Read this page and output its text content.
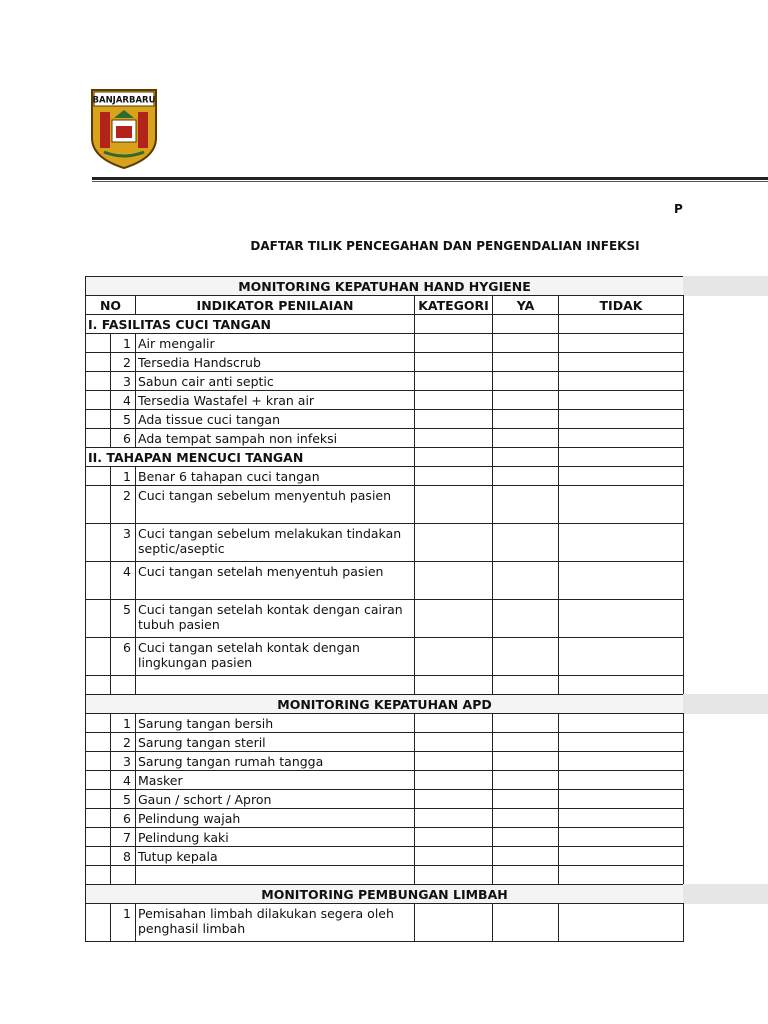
BANJARBARU
P
DAFTAR TILIK PENCEGAHAN DAN PENGENDALIAN INFEKSI
MONITORING KEPATUHAN HAND HYGIENE
NO	INDIKATOR PENILAIAN	KATEGORI	YA	TIDAK
I. FASILITAS CUCI TANGAN
1 Air mengalir
2 Tersedia Handscrub
3 Sabun cair anti septic
4 Tersedia Wastafel + kran air
5 Ada tissue cuci tangan
6 Ada tempat sampah non infeksi
II. TAHAPAN MENCUCI TANGAN
1 Benar 6 tahapan cuci tangan
2 Cuci tangan sebelum menyentuh pasien
3 Cuci tangan sebelum melakukan tindakan septic/aseptic
4 Cuci tangan setelah menyentuh pasien
5 Cuci tangan setelah kontak dengan cairan tubuh pasien
6 Cuci tangan setelah kontak dengan lingkungan pasien
MONITORING KEPATUHAN APD
1 Sarung tangan bersih
2 Sarung tangan steril
3 Sarung tangan rumah tangga
4 Masker
5 Gaun / schort / Apron
6 Pelindung wajah
7 Pelindung kaki
8 Tutup kepala
MONITORING PEMBUNGAN LIMBAH
1 Pemisahan limbah dilakukan segera oleh penghasil limbah
